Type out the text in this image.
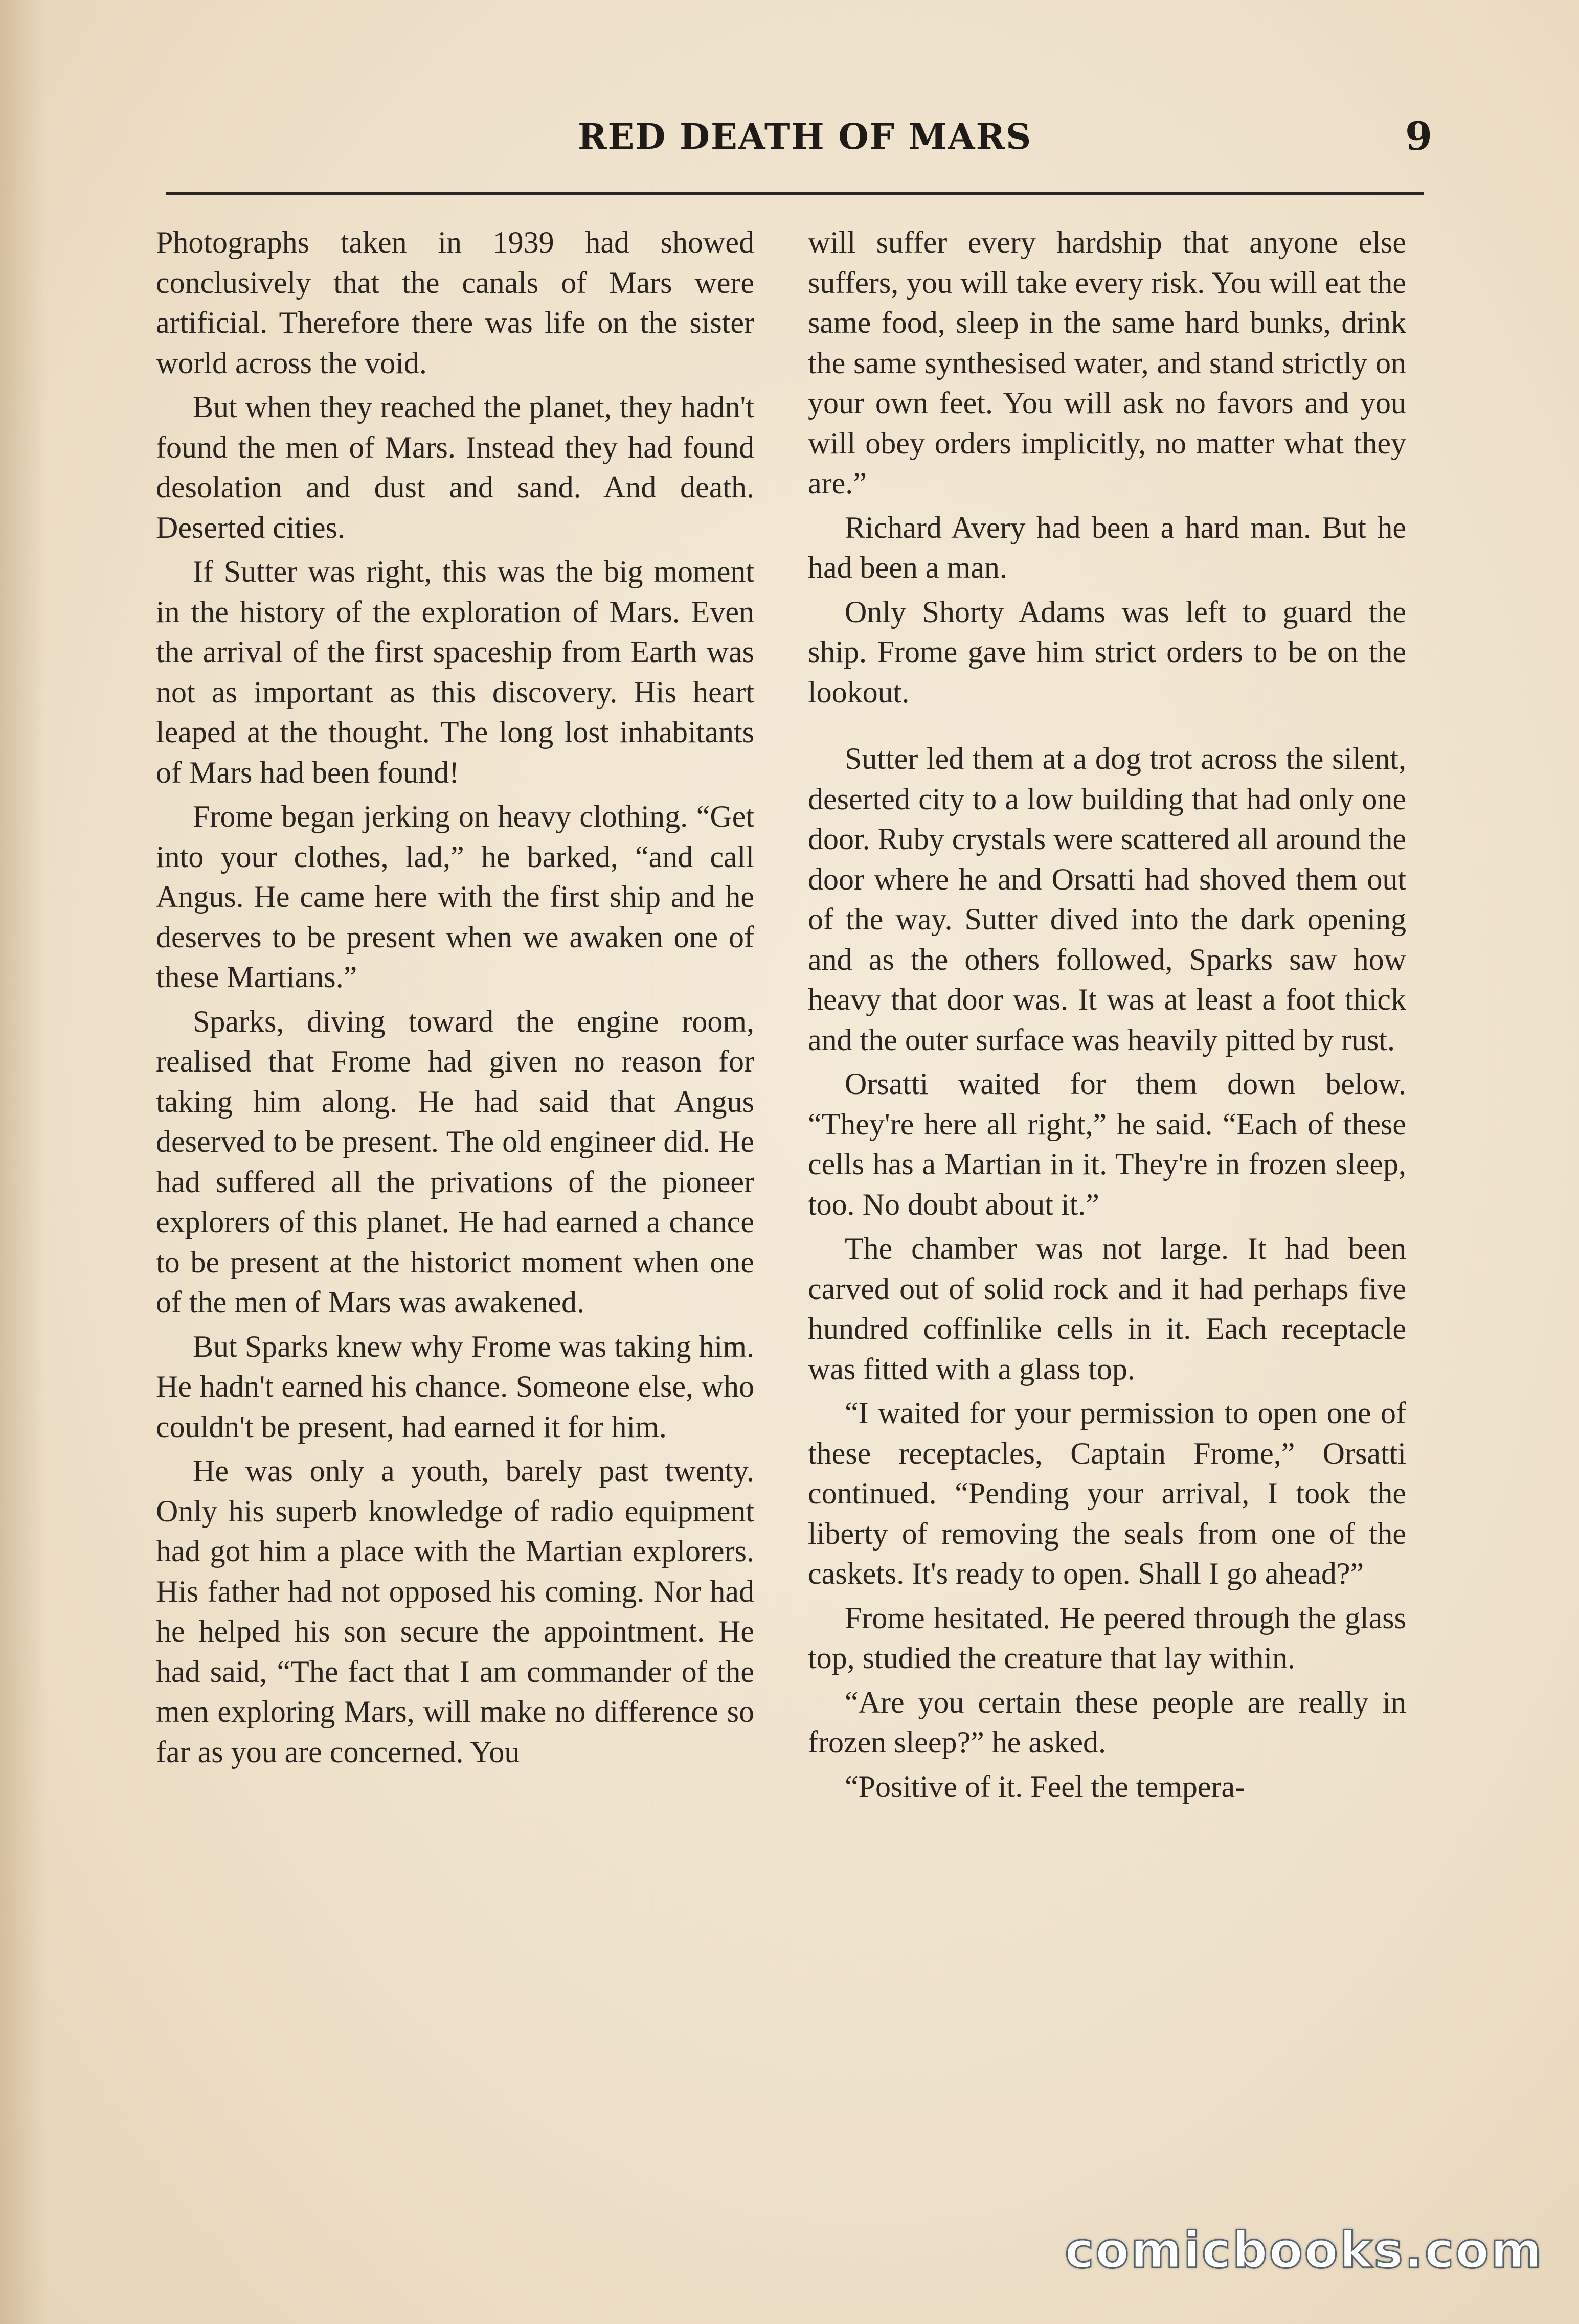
RED DEATH OF MARS	9

Photographs taken in 1939 had showed conclusively that the canals of Mars were artificial. Therefore there was life on the sister world across the void.

But when they reached the planet, they hadn't found the men of Mars. Instead they had found desolation and dust and sand. And death. Deserted cities.

If Sutter was right, this was the big moment in the history of the exploration of Mars. Even the arrival of the first spaceship from Earth was not as important as this discovery. His heart leaped at the thought. The long lost inhabitants of Mars had been found!

Frome began jerking on heavy clothing. “Get into your clothes, lad,” he barked, “and call Angus. He came here with the first ship and he deserves to be present when we awaken one of these Martians.”

Sparks, diving toward the engine room, realised that Frome had given no reason for taking him along. He had said that Angus deserved to be present. The old engineer did. He had suffered all the privations of the pioneer explorers of this planet. He had earned a chance to be present at the historict moment when one of the men of Mars was awakened.

But Sparks knew why Frome was taking him. He hadn't earned his chance. Someone else, who couldn't be present, had earned it for him.

He was only a youth, barely past twenty. Only his superb knowledge of radio equipment had got him a place with the Martian explorers. His father had not opposed his coming. Nor had he helped his son secure the appointment. He had said, “The fact that I am commander of the men exploring Mars, will make no difference so far as you are concerned. You

will suffer every hardship that anyone else suffers, you will take every risk. You will eat the same food, sleep in the same hard bunks, drink the same synthesised water, and stand strictly on your own feet. You will ask no favors and you will obey orders implicitly, no matter what they are.”

Richard Avery had been a hard man. But he had been a man.

Only Shorty Adams was left to guard the ship. Frome gave him strict orders to be on the lookout.

Sutter led them at a dog trot across the silent, deserted city to a low building that had only one door. Ruby crystals were scattered all around the door where he and Orsatti had shoved them out of the way. Sutter dived into the dark opening and as the others followed, Sparks saw how heavy that door was. It was at least a foot thick and the outer surface was heavily pitted by rust.

Orsatti waited for them down below. “They're here all right,” he said. “Each of these cells has a Martian in it. They're in frozen sleep, too. No doubt about it.”

The chamber was not large. It had been carved out of solid rock and it had perhaps five hundred coffinlike cells in it. Each receptacle was fitted with a glass top.

“I waited for your permission to open one of these receptacles, Captain Frome,” Orsatti continued. “Pending your arrival, I took the liberty of removing the seals from one of the caskets. It's ready to open. Shall I go ahead?”

Frome hesitated. He peered through the glass top, studied the creature that lay within.

“Are you certain these people are really in frozen sleep?” he asked.

“Positive of it. Feel the tempera-

comicbooks.com
